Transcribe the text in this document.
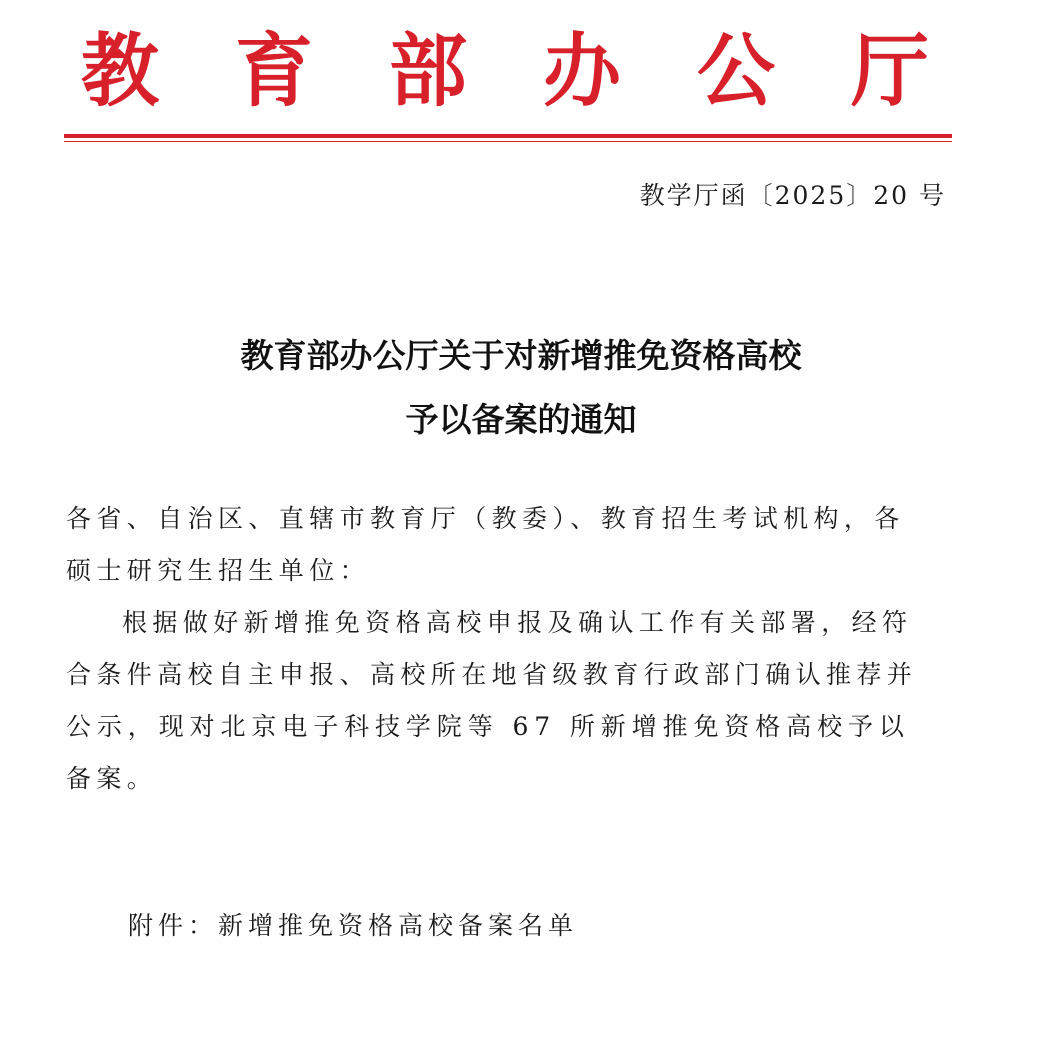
教 育 部 办 公 厅
教学厅函〔2025〕20 号
教育部办公厅关于对新增推免资格高校
予以备案的通知
各省、自治区、直辖市教育厅（教委）、教育招生考试机构，各
硕士研究生招生单位：
根据做好新增推免资格高校申报及确认工作有关部署，经符
合条件高校自主申报、高校所在地省级教育行政部门确认推荐并
公示，现对北京电子科技学院等 67 所新增推免资格高校予以
备案。
附件：新增推免资格高校备案名单
